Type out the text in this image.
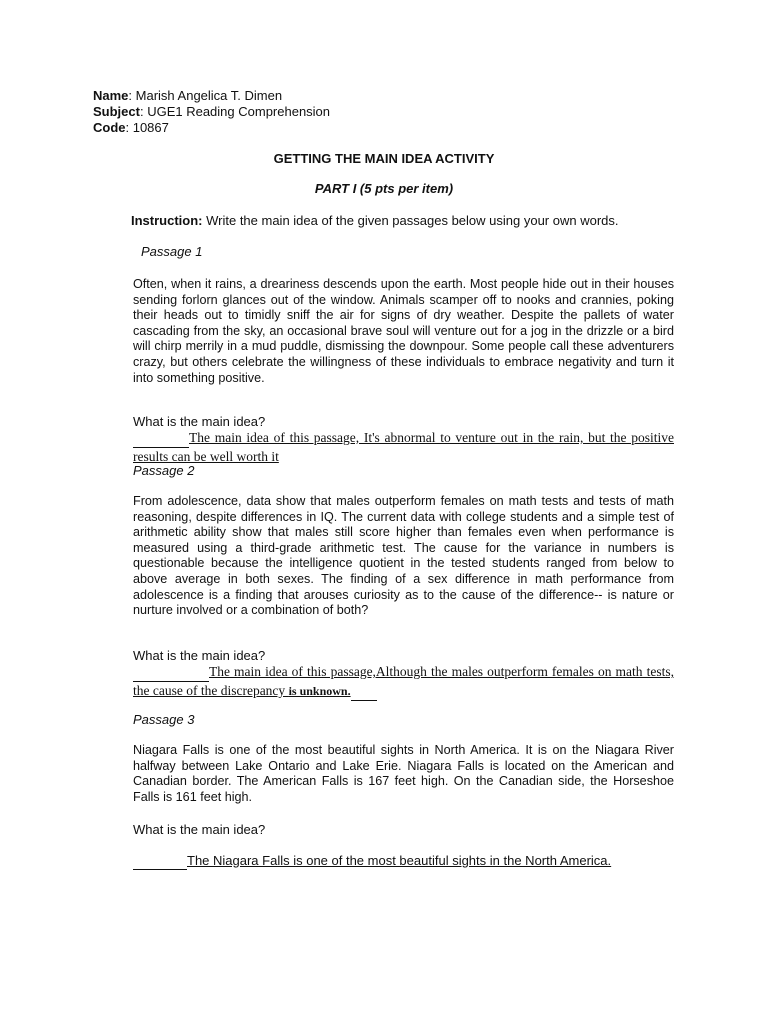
Name: Marish Angelica T. Dimen
Subject: UGE1 Reading Comprehension
Code: 10867
GETTING THE MAIN IDEA ACTIVITY
PART I (5 pts per item)
Instruction: Write the main idea of the given passages below using your own words.
Passage 1
Often, when it rains, a dreariness descends upon the earth. Most people hide out in their houses sending forlorn glances out of the window. Animals scamper off to nooks and crannies, poking their heads out to timidly sniff the air for signs of dry weather. Despite the pallets of water cascading from the sky, an occasional brave soul will venture out for a jog in the drizzle or a bird will chirp merrily in a mud puddle, dismissing the downpour. Some people call these adventurers crazy, but others celebrate the willingness of these individuals to embrace negativity and turn it into something positive.
What is the main idea?
The main idea of this passage, It's abnormal to venture out in the rain, but the positive results can be well worth it
Passage 2
From adolescence, data show that males outperform females on math tests and tests of math reasoning, despite differences in IQ. The current data with college students and a simple test of arithmetic ability show that males still score higher than females even when performance is measured using a third-grade arithmetic test. The cause for the variance in numbers is questionable because the intelligence quotient in the tested students ranged from below to above average in both sexes. The finding of a sex difference in math performance from adolescence is a finding that arouses curiosity as to the cause of the difference-- is nature or nurture involved or a combination of both?
What is the main idea?
The main idea of this passage,Although the males outperform females on math tests, the cause of the discrepancy is unknown.
Passage 3
Niagara Falls is one of the most beautiful sights in North America. It is on the Niagara River halfway between Lake Ontario and Lake Erie. Niagara Falls is located on the American and Canadian border. The American Falls is 167 feet high. On the Canadian side, the Horseshoe Falls is 161 feet high.
What is the main idea?
The Niagara Falls is one of the most beautiful sights in the North America.
